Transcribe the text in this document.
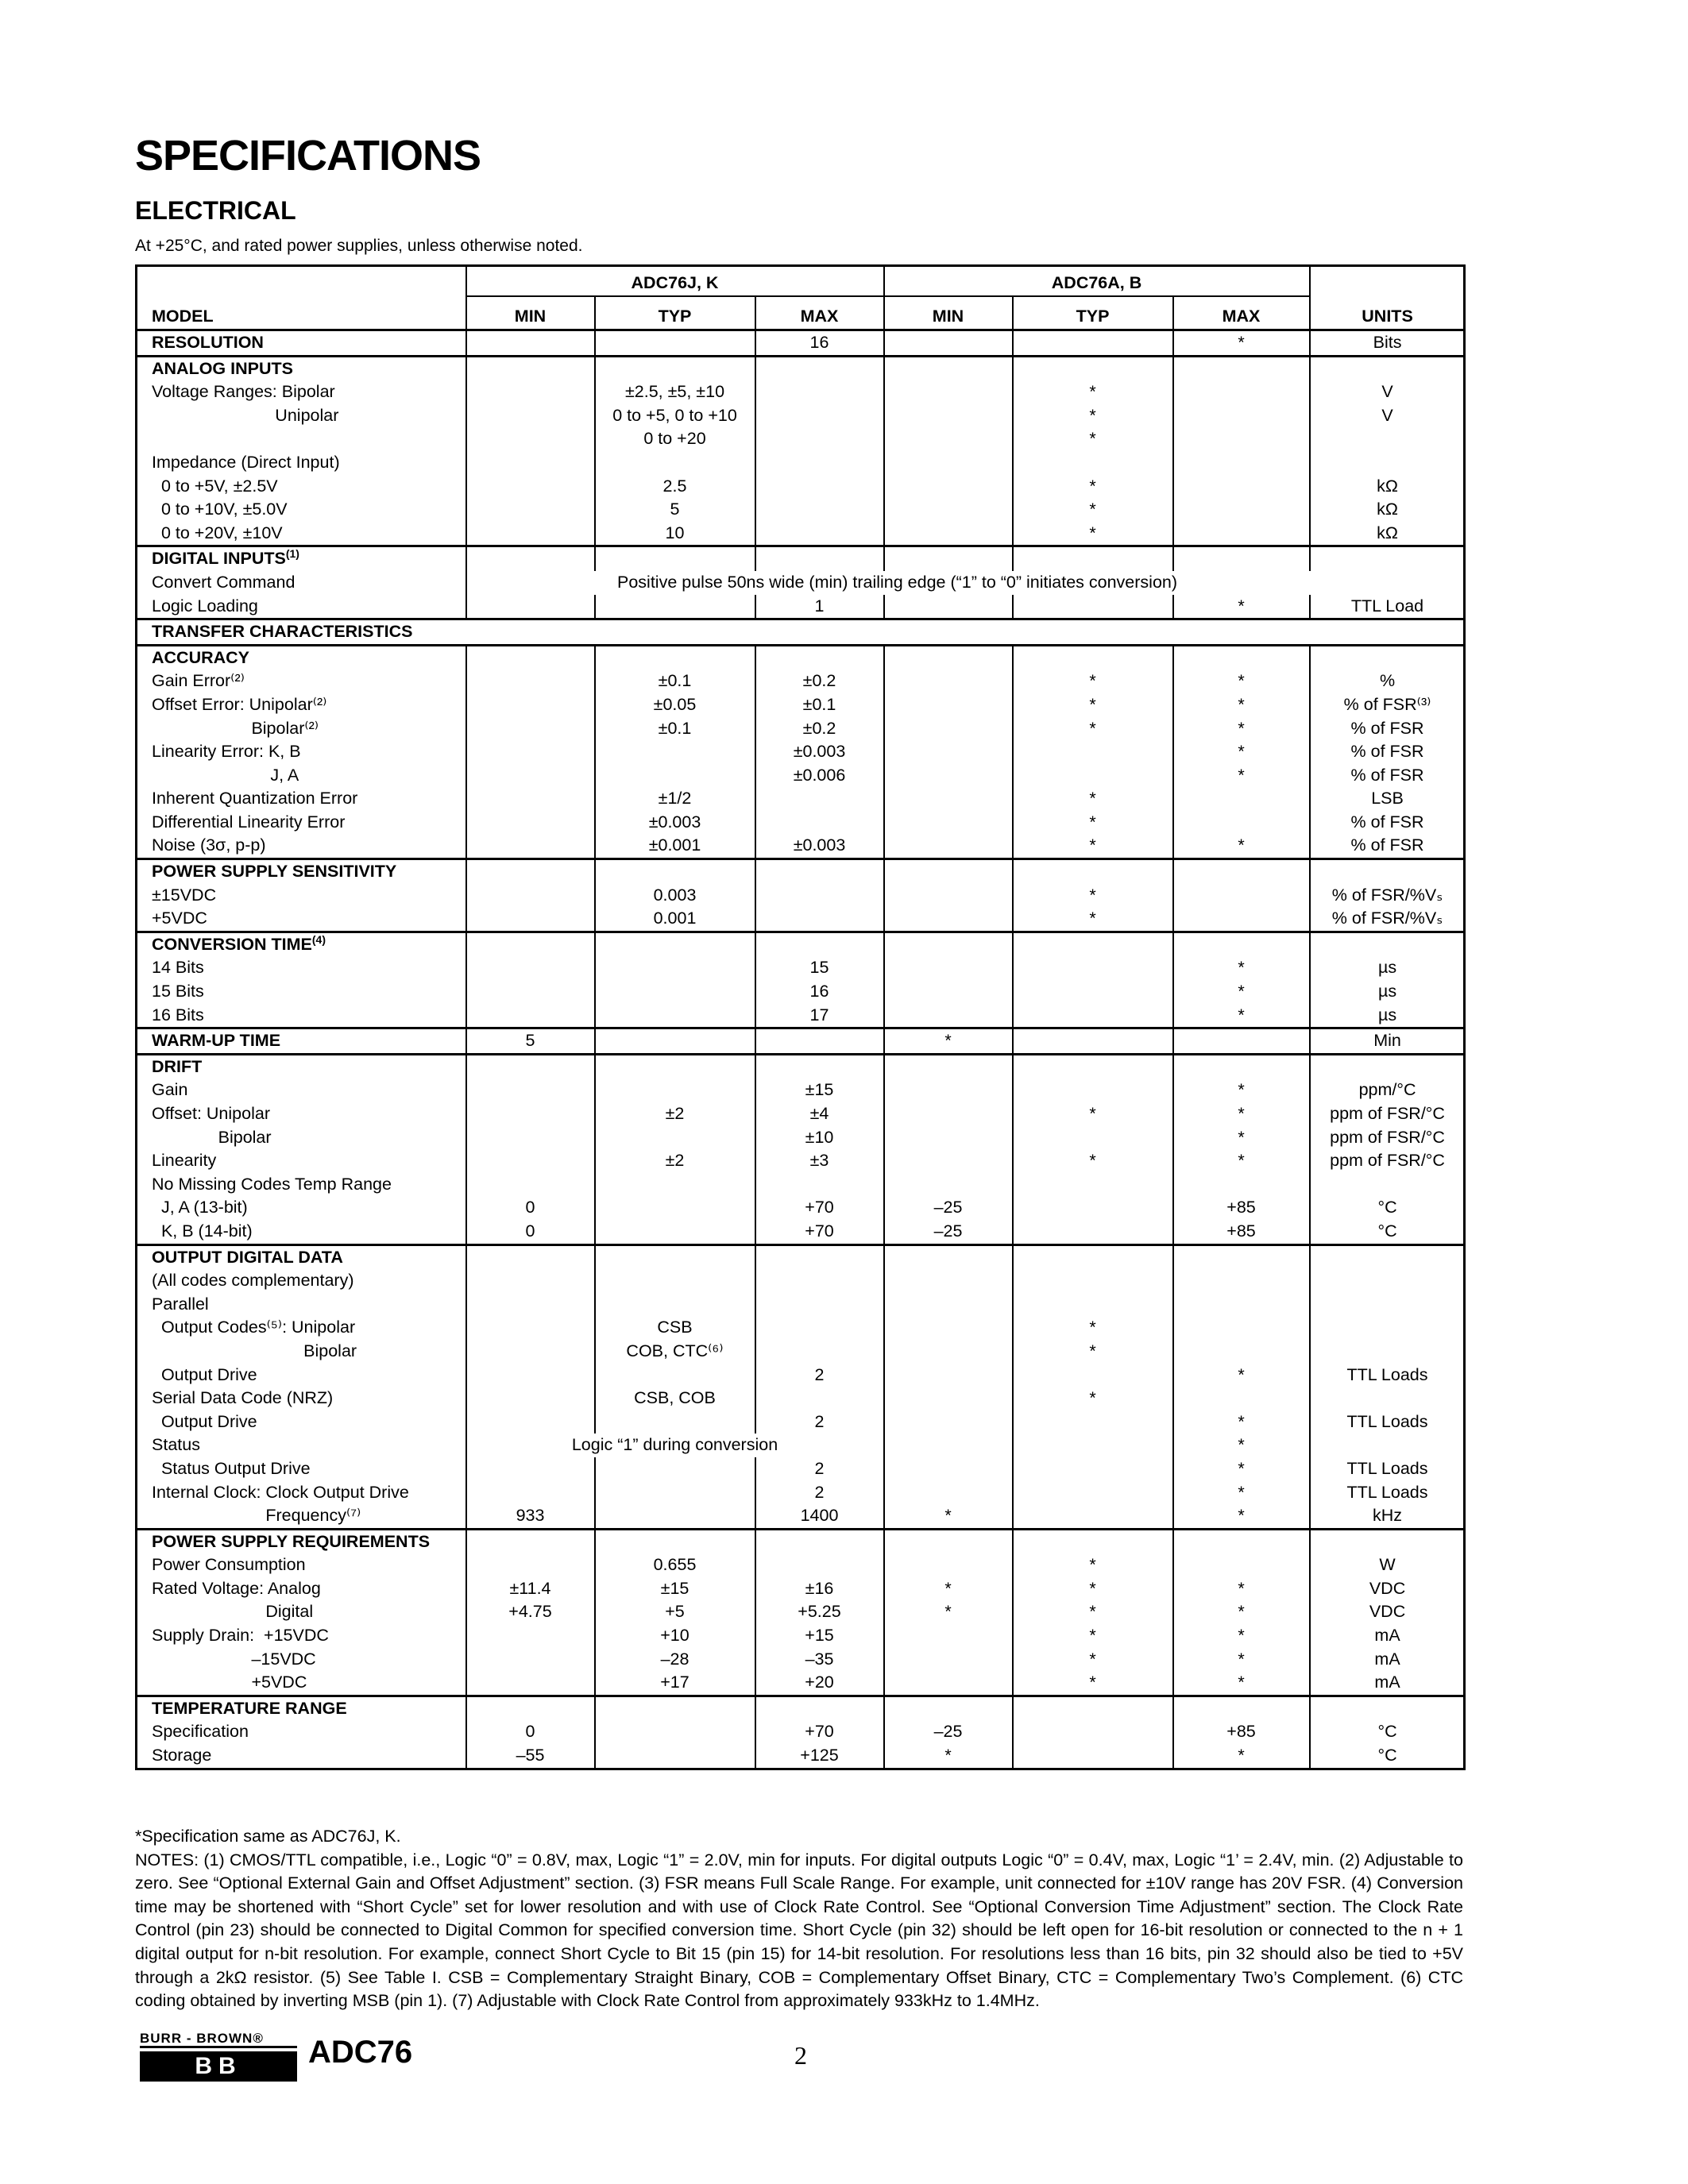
SPECIFICATIONS
ELECTRICAL
At +25°C, and rated power supplies, unless otherwise noted.
	ADC76J, K			ADC76A, B				
MODEL	MIN	TYP	MAX	MIN	TYP	MAX	UNITS	
RESOLUTION			16			*	Bits	
ANALOG INPUTS								
Voltage Ranges: Bipolar		±2.5, ±5, ±10			*		V	
Unipolar		0 to +5, 0 to +10			*		V	
		0 to +20			*			
Impedance (Direct Input)								
0 to +5V, ±2.5V		2.5			*		kΩ	
0 to +10V, ±5.0V		5			*		kΩ	
0 to +20V, ±10V		10			*		kΩ	
DIGITAL INPUTS$^{(1)}$							
Convert Command	Positive pulse 50ns wide (min) trailing edge (“1” to “0” initiates conversion)							
Logic Loading			1			*	TTL Load	
TRANSFER CHARACTERISTICS								
ACCURACY								
Gain Error⁽²⁾		±0.1	±0.2		*	*	%	
Offset Error: Unipolar⁽²⁾		±0.05	±0.1		*	*	% of FSR⁽³⁾	
Bipolar⁽²⁾		±0.1	±0.2		*	*	% of FSR	
Linearity Error: K, B			±0.003			*	% of FSR	
J, A			±0.006			*	% of FSR	
Inherent Quantization Error		±1/2			*		LSB	
Differential Linearity Error		±0.003			*		% of FSR	
Noise (3σ, p-p)		±0.001	±0.003		*	*	% of FSR	
POWER SUPPLY SENSITIVITY								
±15VDC		0.003			*		% of FSR/%Vₛ	
+5VDC		0.001			*		% of FSR/%Vₛ	
CONVERSION TIME$^{(4)}$							
14 Bits			15			*	µs	
15 Bits			16			*	µs	
16 Bits			17			*	µs	
WARM-UP TIME	5			*			Min	
DRIFT								
Gain			±15			*	ppm/°C	
Offset: Unipolar		±2	±4		*	*	ppm of FSR/°C	
Bipolar			±10			*	ppm of FSR/°C	
Linearity		±2	±3		*	*	ppm of FSR/°C	
No Missing Codes Temp Range								
J, A (13-bit)	0		+70	–25		+85	°C	
K, B (14-bit)	0		+70	–25		+85	°C	
OUTPUT DIGITAL DATA								
(All codes complementary)								
Parallel								
Output Codes⁽⁵⁾: Unipolar		CSB			*			
Bipolar		COB, CTC⁽⁶⁾			*			
Output Drive			2			*	TTL Loads	
Serial Data Code (NRZ)		CSB, COB			*			
Output Drive			2			*	TTL Loads	
Status	Logic “1” during conversion					*		
Status Output Drive			2			*	TTL Loads	
Internal Clock: Clock Output Drive			2			*	TTL Loads	
Frequency⁽⁷⁾	933		1400	*		*	kHz	
POWER SUPPLY REQUIREMENTS								
Power Consumption		0.655			*		W	
Rated Voltage: Analog	±11.4	±15	±16	*	*	*	VDC	
Digital	+4.75	+5	+5.25	*	*	*	VDC	
Supply Drain:  +15VDC		+10	+15		*	*	mA	
–15VDC		–28	–35		*	*	mA	
+5VDC		+17	+20		*	*	mA	
TEMPERATURE RANGE								
Specification	0		+70	–25		+85	°C	
Storage	–55		+125	*		*	°C	
*Specification same as ADC76J, K.
NOTES: (1) CMOS/TTL compatible, i.e., Logic “0” = 0.8V, max, Logic “1” = 2.0V, min for inputs. For digital outputs Logic “0” = 0.4V, max, Logic “1’ = 2.4V, min. (2) Adjustable to zero. See “Optional External Gain and Offset Adjustment” section. (3) FSR means Full Scale Range. For example, unit connected for ±10V range has 20V FSR. (4) Conversion time may be shortened with “Short Cycle” set for lower resolution and with use of Clock Rate Control. See “Optional Conversion Time Adjustment” section. The Clock Rate Control (pin 23) should be connected to Digital Common for specified conversion time. Short Cycle (pin 32) should be left open for 16-bit resolution or connected to the n + 1 digital output for n-bit resolution. For example, connect Short Cycle to Bit 15 (pin 15) for 14-bit resolution. For resolutions less than 16 bits, pin 32 should also be tied to +5V through a 2kΩ resistor. (5) See Table I. CSB = Complementary Straight Binary, COB = Complementary Offset Binary, CTC = Complementary Two’s Complement. (6) CTC coding obtained by inverting MSB (pin 1). (7) Adjustable with Clock Rate Control from approximately 933kHz to 1.4MHz.
BURR - BROWN®
BB	ADC76	2
